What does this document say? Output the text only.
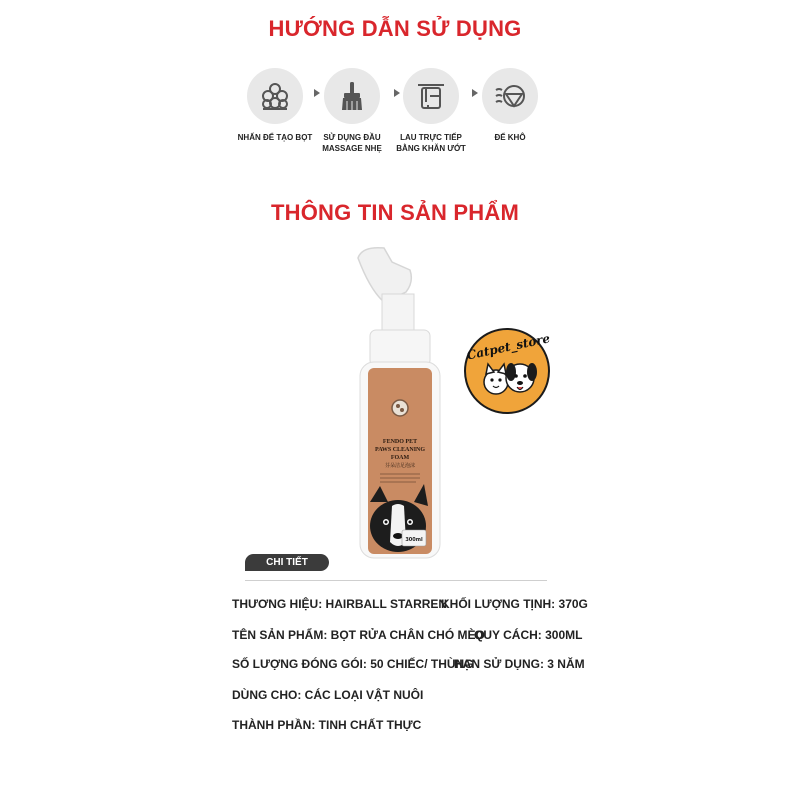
HƯỚNG DẪN SỬ DỤNG
NHẤN ĐỂ TẠO BỌT	SỬ DỤNG ĐẦU
MASSAGE NHẸ
LAU TRỰC TIẾP
BẰNG KHĂN ƯỚT
ĐỂ KHÔ
THÔNG TIN SẢN PHẨM
FENDO PET
PAWS CLEANING
FOAM
芬朵洁足泡沫
300ml
Catpet_store
CHI TIẾT
THƯƠNG HIỆU: HAIRBALL STARREN
KHỐI LƯỢNG TỊNH: 370G
TÊN SẢN PHẨM: BỌT RỬA CHÂN CHÓ MÈO
QUY CÁCH: 300ML
SỐ LƯỢNG ĐÓNG GÓI: 50 CHIẾC/ THÙNG
HẠN SỬ DỤNG: 3 NĂM
DÙNG CHO: CÁC LOẠI VẬT NUÔI
THÀNH PHẦN: TINH CHẤT THỰC
